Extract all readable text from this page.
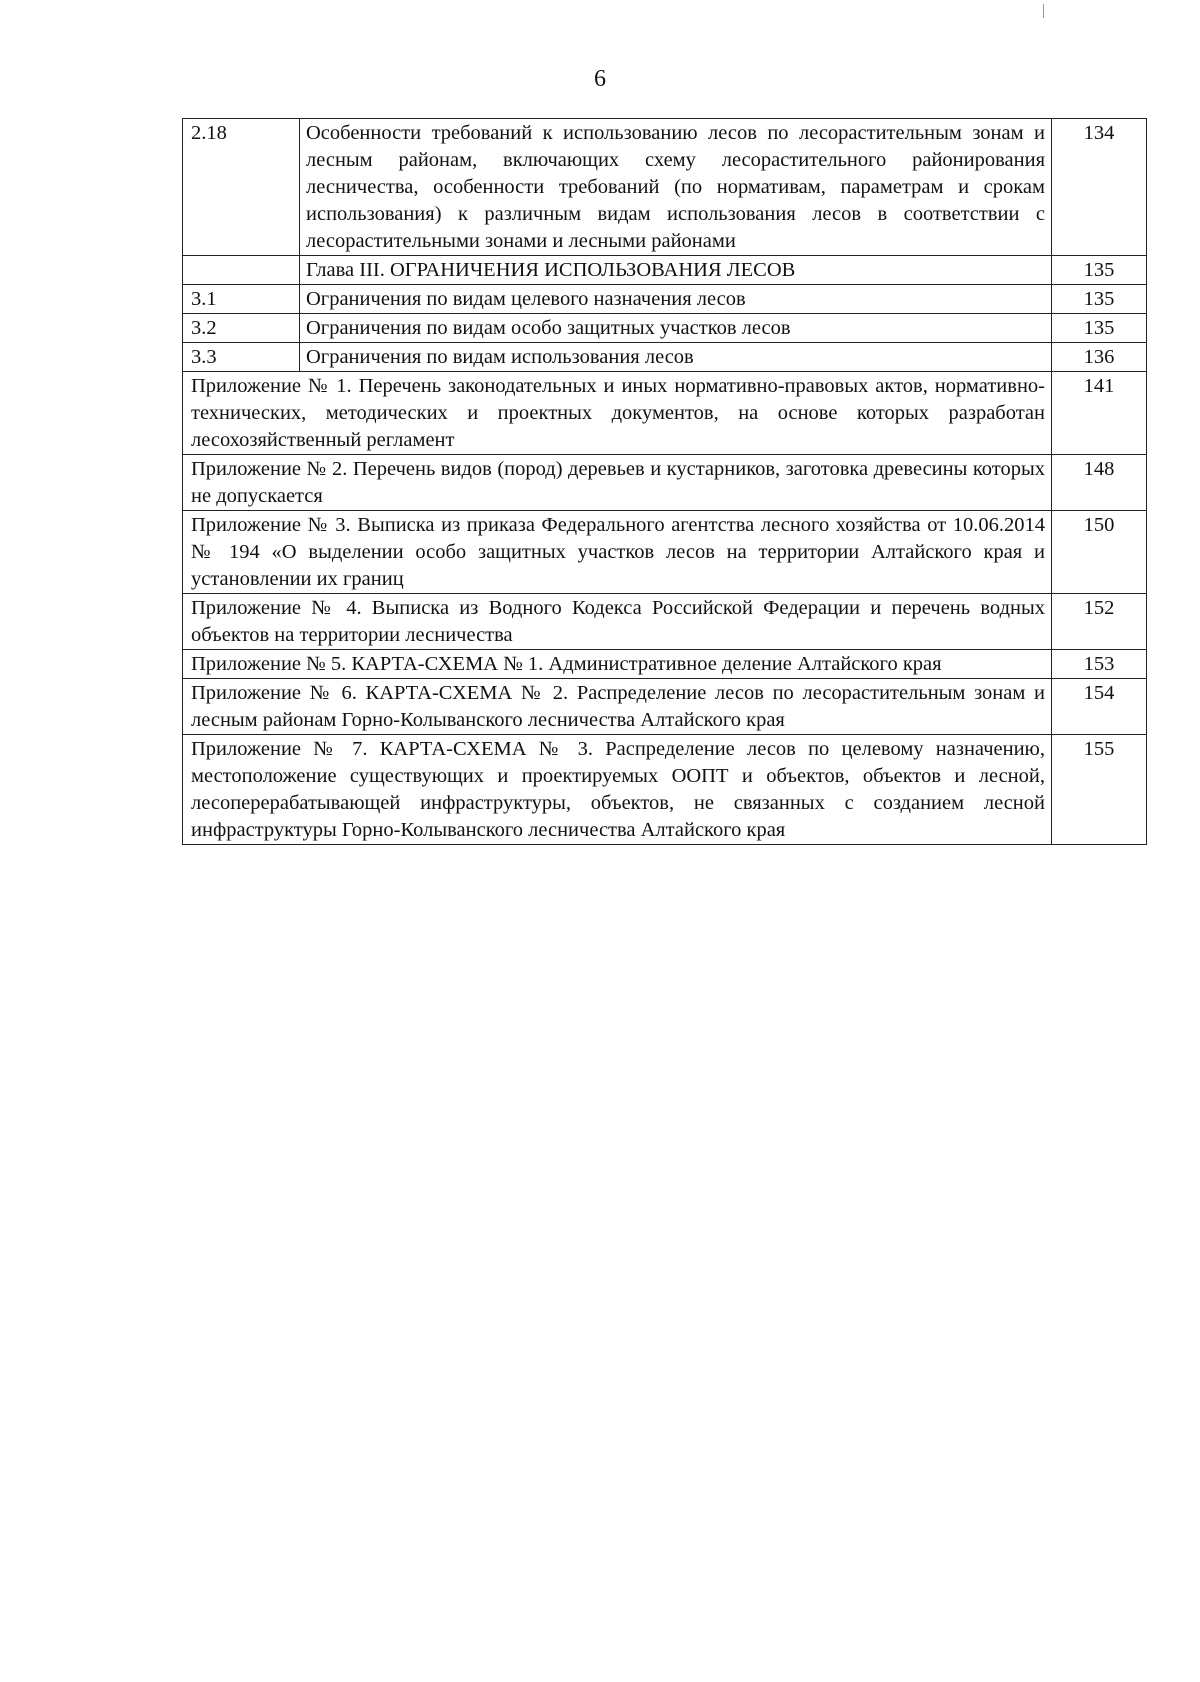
6
2.18	Особенности требований к использованию лесов по лесорастительным зонам и лесным районам, включающих схему лесорастительного районирования лесничества, особенности требований (по нормативам, параметрам и срокам использования) к различным видам использования лесов в соответствии с лесорастительными зонами и лесными районами	134
	Глава III. ОГРАНИЧЕНИЯ ИСПОЛЬЗОВАНИЯ ЛЕСОВ	135
3.1	Ограничения по видам целевого назначения лесов	135
3.2	Ограничения по видам особо защитных участков лесов	135
3.3	Ограничения по видам использования лесов	136
Приложение № 1. Перечень законодательных и иных нормативно-правовых актов, нормативно-технических, методических и проектных документов, на основе которых разработан лесохозяйственный регламент		141
Приложение № 2. Перечень видов (пород) деревьев и кустарников, заготовка древесины которых не допускается		148
Приложение № 3. Выписка из приказа Федерального агентства лесного хозяйства от 10.06.2014 № 194 «О выделении особо защитных участков лесов на территории Алтайского края и установлении их границ		150
Приложение № 4. Выписка из Водного Кодекса Российской Федерации и перечень водных объектов на территории лесничества		152
Приложение № 5. КАРТА-СХЕМА № 1. Административное деление Алтайского края		153
Приложение № 6. КАРТА-СХЕМА № 2. Распределение лесов по лесорастительным зонам и лесным районам Горно-Колыванского лесничества Алтайского края		154
Приложение № 7. КАРТА-СХЕМА № 3. Распределение лесов по целевому назначению, местоположение существующих и проектируемых ООПТ и объектов, объектов и лесной, лесоперерабатывающей инфраструктуры, объектов, не связанных с созданием лесной инфраструктуры Горно-Колыванского лесничества Алтайского края		155
